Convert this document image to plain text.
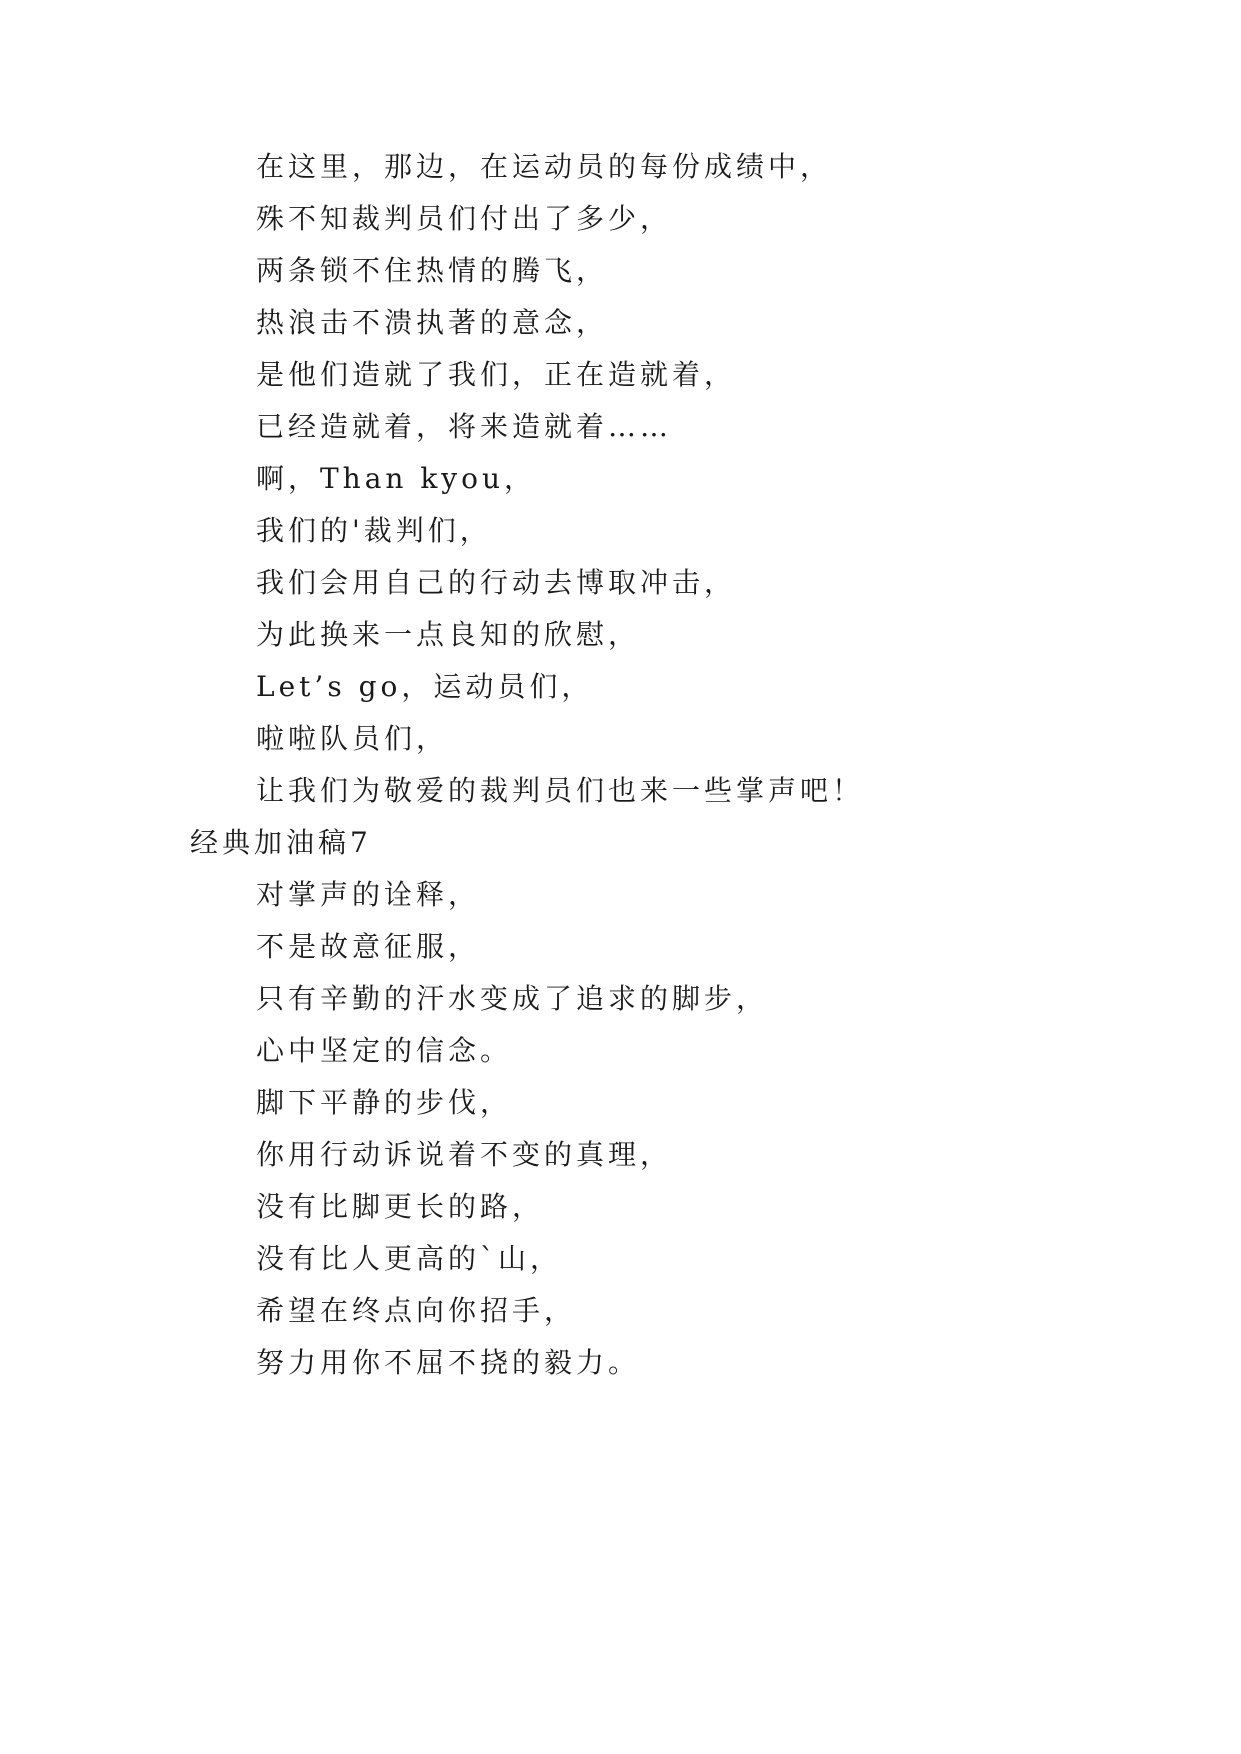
在这里，那边，在运动员的每份成绩中，
殊不知裁判员们付出了多少，
两条锁不住热情的腾飞，
热浪击不溃执著的意念，
是他们造就了我们，正在造就着，
已经造就着，将来造就着……
啊，Than kyou，
我们的'裁判们，
我们会用自己的行动去博取冲击，
为此换来一点良知的欣慰，
Let’s go，运动员们，
啦啦队员们，
让我们为敬爱的裁判员们也来一些掌声吧！
经典加油稿7
对掌声的诠释，
不是故意征服，
只有辛勤的汗水变成了追求的脚步，
心中坚定的信念。
脚下平静的步伐，
你用行动诉说着不变的真理，
没有比脚更长的路，
没有比人更高的`山，
希望在终点向你招手，
努力用你不屈不挠的毅力。
